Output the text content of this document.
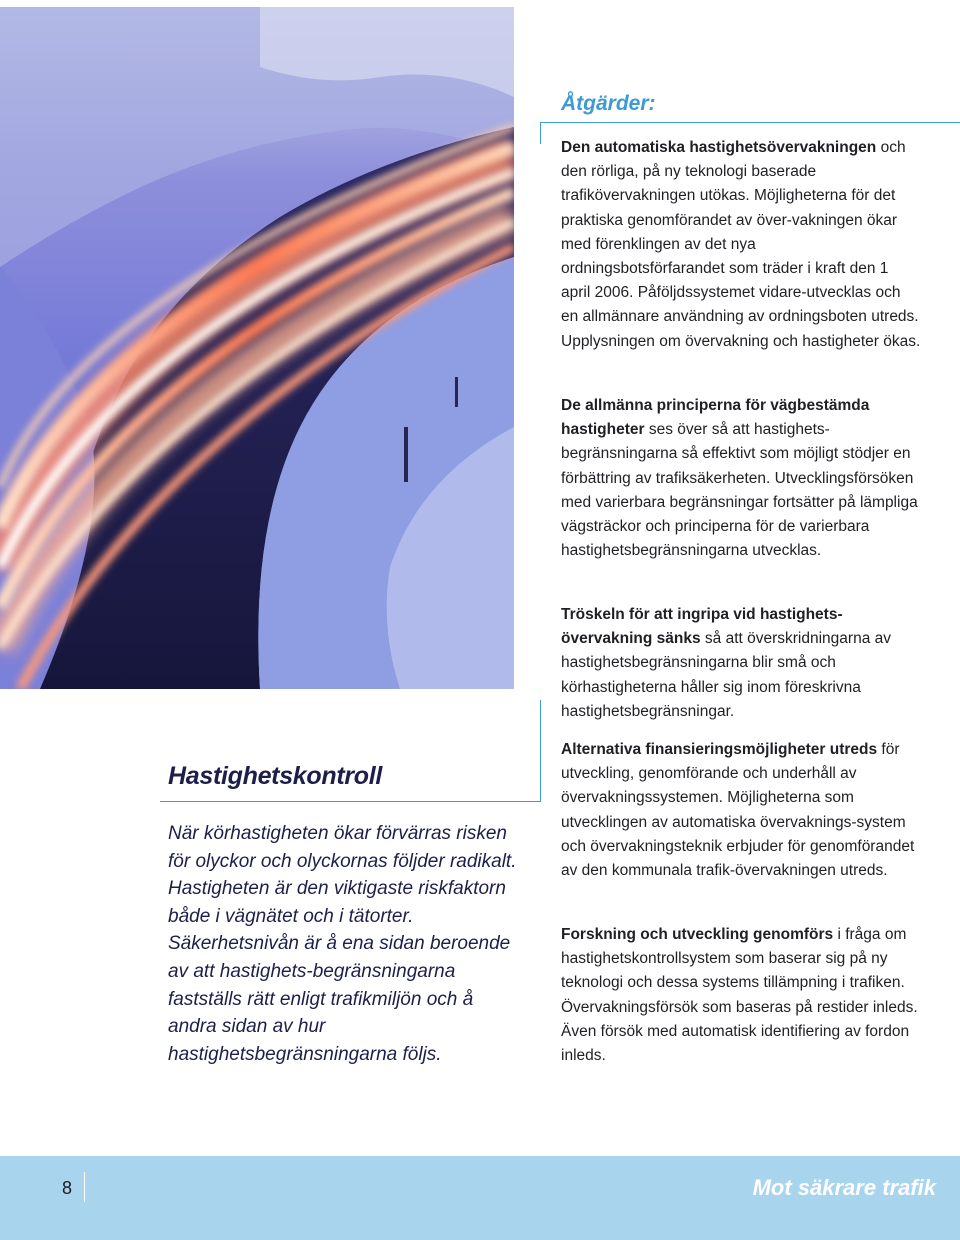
Hastighetskontroll

När körhastigheten ökar förvärras risken för olyckor och olyckornas följder radikalt. Hastigheten är den viktigaste riskfaktorn både i vägnätet och i tätorter. Säkerhetsnivån är å ena sidan beroende av att hastighets-begränsningarna fastställs rätt enligt trafikmiljön och å andra sidan av hur hastighetsbegränsningarna följs.

Åtgärder:

Den automatiska hastighetsövervakningen och den rörliga, på ny teknologi baserade trafikövervakningen utökas. Möjligheterna för det praktiska genomförandet av över-vakningen ökar med förenklingen av det nya ordningsbotsförfarandet som träder i kraft den 1 april 2006. Påföljdssystemet vidare-utvecklas och en allmännare användning av ordningsboten utreds. Upplysningen om övervakning och hastigheter ökas.

De allmänna principerna för vägbestämda hastigheter ses över så att hastighets-begränsningarna så effektivt som möjligt stödjer en förbättring av trafiksäkerheten. Utvecklingsförsöken med varierbara begränsningar fortsätter på lämpliga vägsträckor och principerna för de varierbara hastighetsbegränsningarna utvecklas.

Tröskeln för att ingripa vid hastighets-övervakning sänks så att överskridningarna av hastighetsbegränsningarna blir små och körhastigheterna håller sig inom föreskrivna hastighetsbegränsningar.

Alternativa finansieringsmöjligheter utreds för utveckling, genomförande och underhåll av övervakningssystemen. Möjligheterna som utvecklingen av automatiska övervaknings-system och övervakningsteknik erbjuder för genomförandet av den kommunala trafik-övervakningen utreds.

Forskning och utveckling genomförs i fråga om hastighetskontrollsystem som baserar sig på ny teknologi och dessa systems tillämpning i trafiken. Övervakningsförsök som baseras på restider inleds. Även försök med automatisk identifiering av fordon inleds.

8	Mot säkrare trafik
